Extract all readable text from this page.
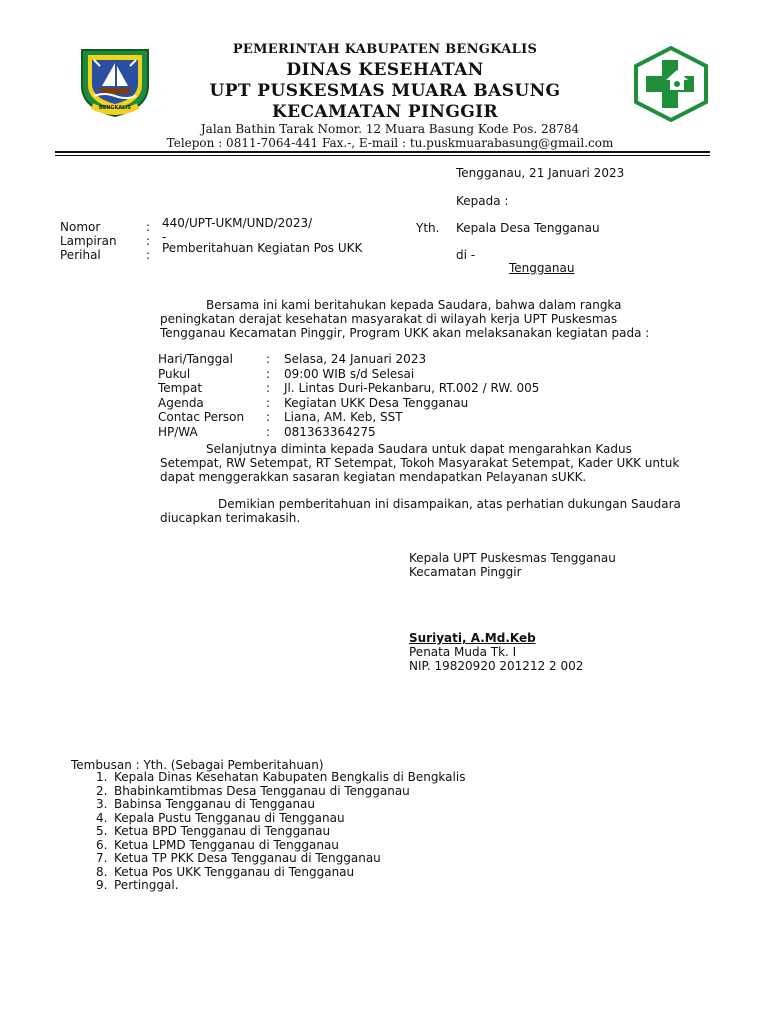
BENGKALIS
PEMERINTAH KABUPATEN BENGKALIS
DINAS KESEHATAN
UPT PUSKESMAS MUARA BASUNG
KECAMATAN PINGGIR
Jalan Bathin Tarak Nomor. 12 Muara Basung Kode Pos. 28784
Telepon : 0811-7064-441 Fax.-, E-mail : tu.puskmuarabasung@gmail.com
Tengganau, 21 Januari 2023
Kepada :
Yth. Kepala Desa Tengganau
di -
Tengganau
Nomor	: 440/UPT-UKM/UND/2023/
Lampiran : -
Perihal	: Pemberitahuan Kegiatan Pos UKK
Bersama ini kami beritahukan kepada Saudara, bahwa dalam rangka
peningkatan derajat kesehatan masyarakat di wilayah kerja UPT Puskesmas
Tengganau Kecamatan Pinggir, Program UKK akan melaksanakan kegiatan pada :
Hari/Tanggal	: Selasa, 24 Januari 2023
Pukul	: 09:00 WIB s/d Selesai
Tempat	: Jl. Lintas Duri-Pekanbaru, RT.002 / RW. 005
Agenda	: Kegiatan UKK Desa Tengganau
Contac Person : Liana, AM. Keb, SST
HP/WA	: 081363364275
Selanjutnya diminta kepada Saudara untuk dapat mengarahkan Kadus
Setempat, RW Setempat, RT Setempat, Tokoh Masyarakat Setempat, Kader UKK untuk
dapat menggerakkan sasaran kegiatan mendapatkan Pelayanan sUKK.
Demikian pemberitahuan ini disampaikan, atas perhatian dukungan Saudara
diucapkan terimakasih.
Kepala UPT Puskesmas Tengganau
Kecamatan Pinggir
Suriyati, A.Md.Keb
Penata Muda Tk. I
NIP. 19820920 201212 2 002
Tembusan : Yth. (Sebagai Pemberitahuan)
1. Kepala Dinas Kesehatan Kabupaten Bengkalis di Bengkalis
2. Bhabinkamtibmas Desa Tengganau di Tengganau
3. Babinsa Tengganau di Tengganau
4. Kepala Pustu Tengganau di Tengganau
5. Ketua BPD Tengganau di Tengganau
6. Ketua LPMD Tengganau di Tengganau
7. Ketua TP PKK Desa Tengganau di Tengganau
8. Ketua Pos UKK Tengganau di Tengganau
9. Pertinggal.
